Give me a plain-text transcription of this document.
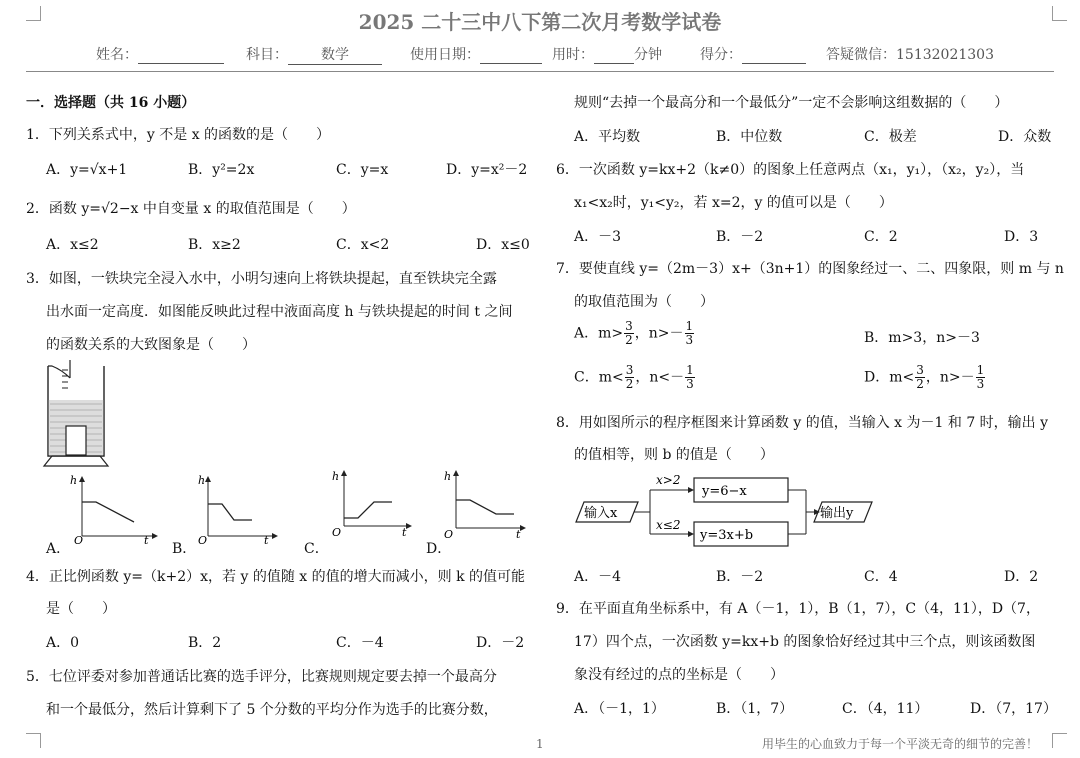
2025 二十三中八下第二次月考数学试卷
姓名：	科目： 数学	使用日期：	用时：	分钟	得分：	答疑微信：15132021303
一．选择题（共 16 小题）
1．下列关系式中，y 不是 x 的函数的是（　　）
A．y=√x+1	B．y²=2x	C．y=x	D．y=x²－2
2．函数 y=√2−x 中自变量 x 的取值范围是（　　）
A．x≤2	B．x≥2	C．x<2	D．x≤0
3．如图，一铁块完全浸入水中，小明匀速向上将铁块提起，直至铁块完全露
出水面一定高度．如图能反映此过程中液面高度 h 与铁块提起的时间 t 之间
的函数关系的大致图象是（　　）
A．
h
O	t
B．
h
O	t
C．
h
O	t
D．
h
O	t
4．正比例函数 y=（k+2）x，若 y 的值随 x 的值的增大而减小，则 k 的值可能
是（　　）
A．0	B．2	C．－4	D．－2
5．七位评委对参加普通话比赛的选手评分，比赛规则规定要去掉一个最高分
和一个最低分，然后计算剩下了 5 个分数的平均分作为选手的比赛分数，
规则“去掉一个最高分和一个最低分”一定不会影响这组数据的（　　）
A．平均数	B．中位数	C．极差	D．众数
6．一次函数 y=kx+2（k≠0）的图象上任意两点（x₁，y₁），（x₂，y₂），当
x₁<x₂时，y₁<y₂，若 x=2，y 的值可以是（　　）
A．－3	B．－2	C．2	D．3
7．要使直线 y=（2m－3）x+（3n+1）的图象经过一、二、四象限，则 m 与 n
的取值范围为（　　）
A．$m> \frac{3}{2}$ ，$n>- \frac{1}{3}$	B．m>3，n>－3
C．$m< \frac{3}{2}$ ，$n<- \frac{1}{3}$	D．$m< \frac{3}{2}$ ，$n>- \frac{1}{3}$
8．用如图所示的程序框图来计算函数 y 的值，当输入 x 为－1 和 7 时，输出 y
的值相等，则 b 的值是（　　）
输入x
x>2
x≤2
y=6−x
y=3x+b
输出y
A．－4	B．－2	C．4	D．2
9．在平面直角坐标系中，有 A（－1，1），B（1，7），C（4，11），D（7，
17）四个点，一次函数 y=kx+b 的图象恰好经过其中三个点，则该函数图
象没有经过的点的坐标是（　　）
A．（－1，1）	B．（1，7）	C．（4，11）	D．（7，17）
1	用毕生的心血致力于每一个平淡无奇的细节的完善！
